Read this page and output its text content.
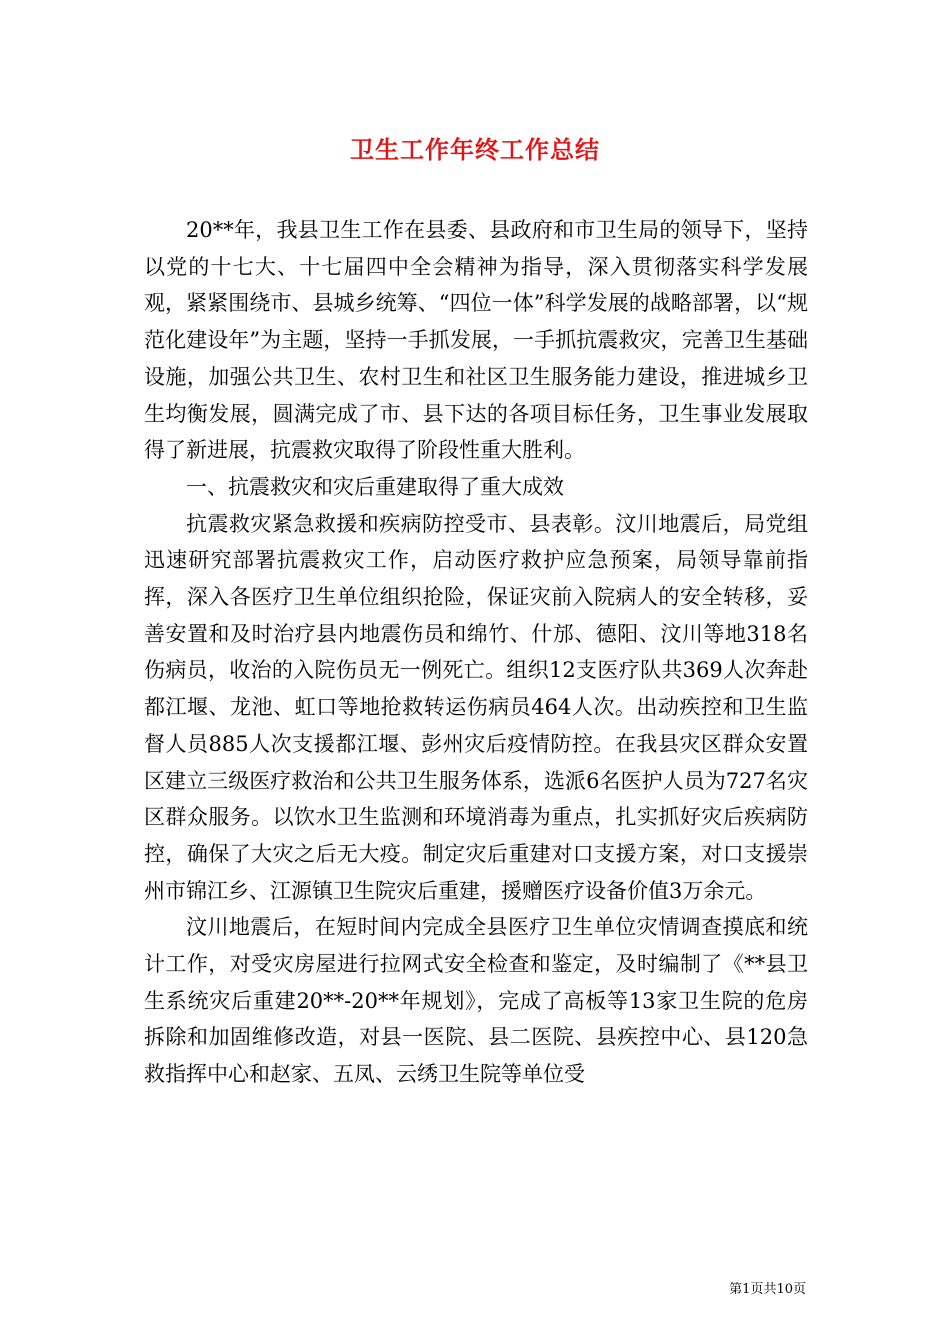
卫生工作年终工作总结

20**年，我县卫生工作在县委、县政府和市卫生局的领导下，坚持以党的十七大、十七届四中全会精神为指导，深入贯彻落实科学发展观，紧紧围绕市、县城乡统筹、“四位一体”科学发展的战略部署，以“规范化建设年”为主题，坚持一手抓发展，一手抓抗震救灾，完善卫生基础设施，加强公共卫生、农村卫生和社区卫生服务能力建设，推进城乡卫生均衡发展，圆满完成了市、县下达的各项目标任务，卫生事业发展取得了新进展，抗震救灾取得了阶段性重大胜利。

一、抗震救灾和灾后重建取得了重大成效

抗震救灾紧急救援和疾病防控受市、县表彰。汶川地震后，局党组迅速研究部署抗震救灾工作，启动医疗救护应急预案，局领导靠前指挥，深入各医疗卫生单位组织抢险，保证灾前入院病人的安全转移，妥善安置和及时治疗县内地震伤员和绵竹、什邡、德阳、汶川等地318名伤病员，收治的入院伤员无一例死亡。组织12支医疗队共369人次奔赴都江堰、龙池、虹口等地抢救转运伤病员464人次。出动疾控和卫生监督人员885人次支援都江堰、彭州灾后疫情防控。在我县灾区群众安置区建立三级医疗救治和公共卫生服务体系，选派6名医护人员为727名灾区群众服务。以饮水卫生监测和环境消毒为重点，扎实抓好灾后疾病防控，确保了大灾之后无大疫。制定灾后重建对口支援方案，对口支援崇州市锦江乡、江源镇卫生院灾后重建，援赠医疗设备价值3万余元。

汶川地震后，在短时间内完成全县医疗卫生单位灾情调查摸底和统计工作，对受灾房屋进行拉网式安全检查和鉴定，及时编制了《**县卫生系统灾后重建20**-20**年规划》，完成了高板等13家卫生院的危房拆除和加固维修改造，对县一医院、县二医院、县疾控中心、县120急救指挥中心和赵家、五凤、云绣卫生院等单位受

第1页共10页
